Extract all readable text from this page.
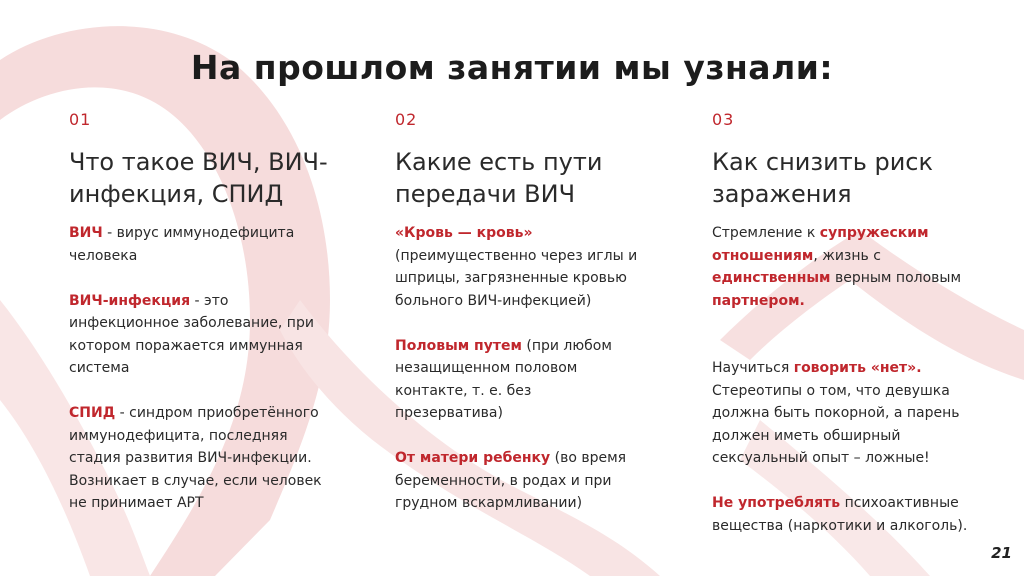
На прошлом занятии мы узнали:
01
Что такое ВИЧ, ВИЧ-инфекция, СПИД
ВИЧ - вирус иммунодефицита человека
ВИЧ-инфекция - это инфекционное заболевание, при котором поражается иммунная система
СПИД - синдром приобретённого иммунодефицита, последняя стадия развития ВИЧ-инфекции. Возникает в случае, если человек не принимает АРТ
02
Какие есть пути передачи ВИЧ
«Кровь — кровь» (преимущественно через иглы и шприцы, загрязненные кровью больного ВИЧ-инфекцией)
Половым путем (при любом незащищенном половом контакте, т. е. без презерватива)
От матери ребенку (во время беременности, в родах и при грудном вскармливании)
03
Как снизить риск заражения
Стремление к супружеским отношениям, жизнь с единственным верным половым партнером.
Научиться говорить «нет». Стереотипы о том, что девушка должна быть покорной, а парень должен иметь обширный сексуальный опыт – ложные!
Не употреблять психоактивные вещества (наркотики и алкоголь).
21
